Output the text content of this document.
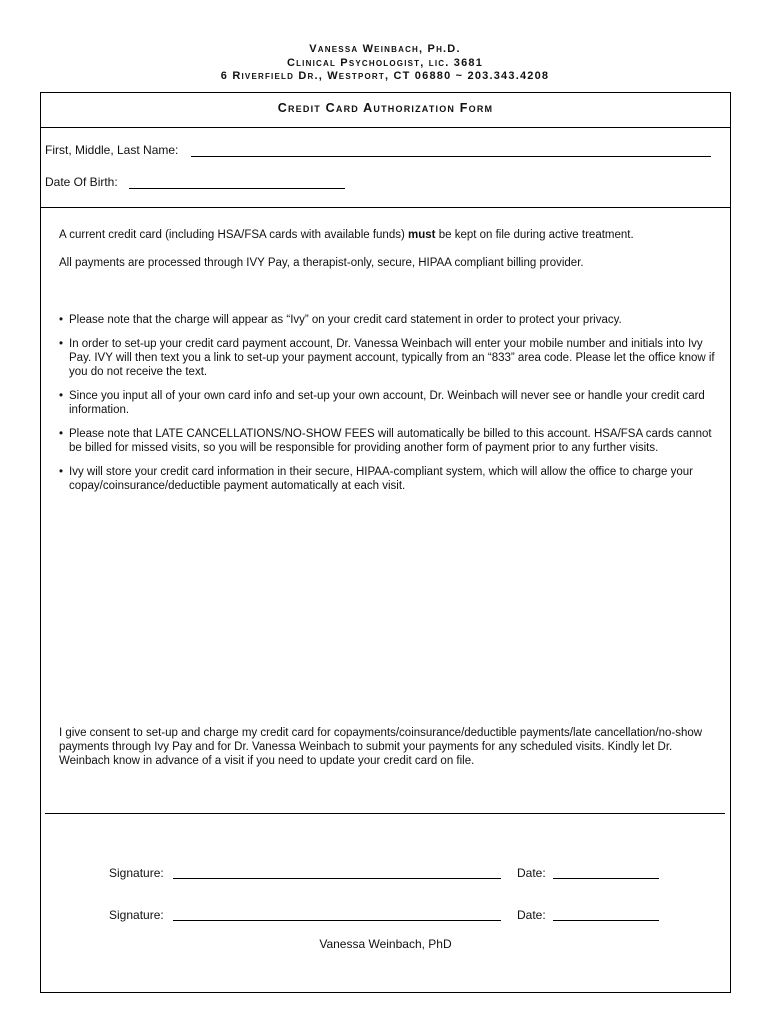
Vanessa Weinbach, Ph.D.
Clinical Psychologist, lic. 3681
6 Riverfield Dr., Westport, CT 06880 ~ 203.343.4208
Credit Card Authorization Form
First, Middle, Last Name:
Date Of Birth:
A current credit card (including HSA/FSA cards with available funds) must be kept on file during active treatment.
All payments are processed through IVY Pay, a therapist-only, secure, HIPAA compliant billing provider.
• Please note that the charge will appear as “Ivy” on your credit card statement in order to protect your privacy.
• In order to set-up your credit card payment account, Dr. Vanessa Weinbach will enter your mobile number and initials into Ivy Pay. IVY will then text you a link to set-up your payment account, typically from an “833” area code. Please let the office know if you do not receive the text.
• Since you input all of your own card info and set-up your own account, Dr. Weinbach will never see or handle your credit card information.
• Please note that LATE CANCELLATIONS/NO-SHOW FEES will automatically be billed to this account. HSA/FSA cards cannot be billed for missed visits, so you will be responsible for providing another form of payment prior to any further visits.
• Ivy will store your credit card information in their secure, HIPAA-compliant system, which will allow the office to charge your copay/coinsurance/deductible payment automatically at each visit.
I give consent to set-up and charge my credit card for copayments/coinsurance/deductible payments/late cancellation/no-show payments through Ivy Pay and for Dr. Vanessa Weinbach to submit your payments for any scheduled visits. Kindly let Dr. Weinbach know in advance of a visit if you need to update your credit card on file.
Signature:	Date:
Signature:	Date:
Vanessa Weinbach, PhD
